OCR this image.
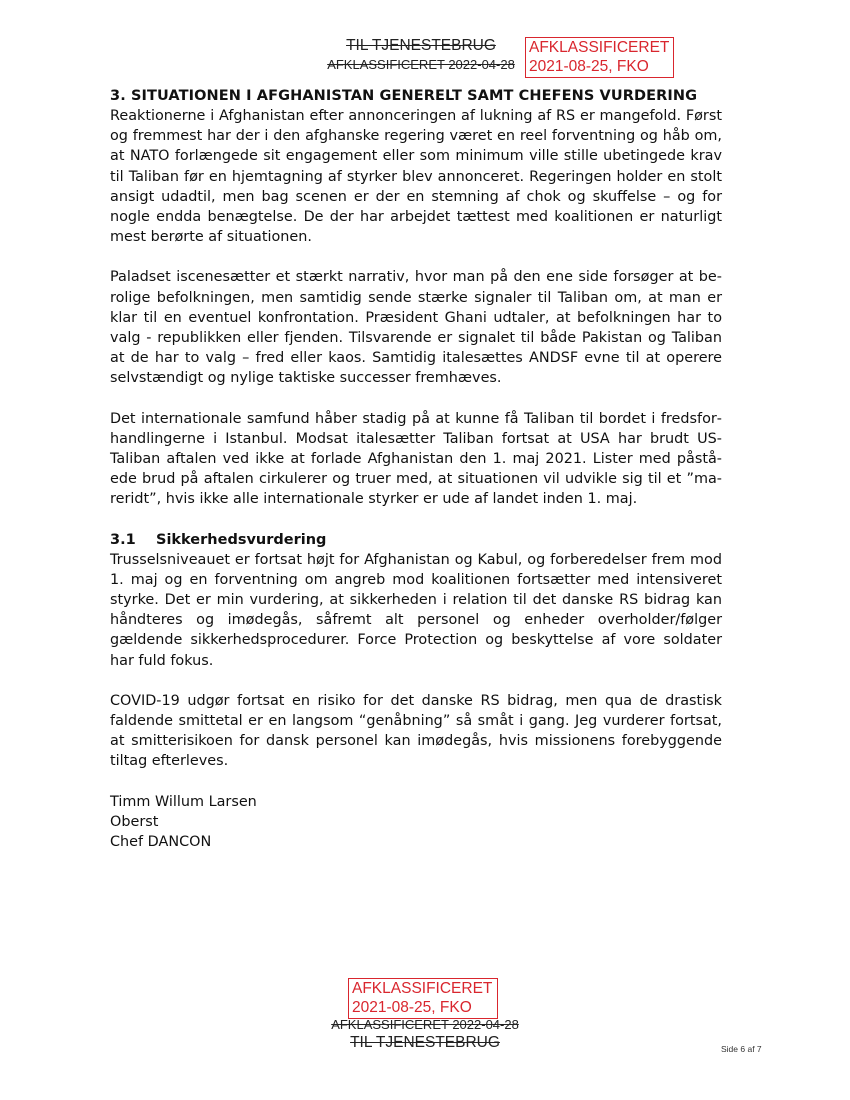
TIL TJENESTEBRUG
AFKLASSIFICERET 2022-04-28
AFKLASSIFICERET
2021-08-25, FKO
3. SITUATIONEN I AFGHANISTAN GENERELT SAMT CHEFENS VURDERING

Reaktionerne i Afghanistan efter annonceringen af lukning af RS er mangefold. Først og fremmest har der i den afghanske regering været en reel forventning og håb om, at NATO forlængede sit engagement eller som minimum ville stille ubetingede krav til Taliban før en hjemtagning af styrker blev annonceret. Regeringen holder en stolt ansigt udadtil, men bag scenen er der en stemning af chok og skuffelse – og for nogle endda benægtelse. De der har arbejdet tættest med koalitionen er naturligt mest berørte af situationen.

Paladset iscenesætter et stærkt narrativ, hvor man på den ene side forsøger at berolige befolkningen, men samtidig sende stærke signaler til Taliban om, at man er klar til en eventuel konfrontation. Præsident Ghani udtaler, at befolkningen har to valg - republikken eller fjenden. Tilsvarende er signalet til både Pakistan og Taliban at de har to valg – fred eller kaos. Samtidig italesættes ANDSF evne til at operere selvstændigt og nylige taktiske successer fremhæves.

Det internationale samfund håber stadig på at kunne få Taliban til bordet i fredsforhandlingerne i Istanbul. Modsat italesætter Taliban fortsat at USA har brudt US-Taliban aftalen ved ikke at forlade Afghanistan den 1. maj 2021. Lister med påståede brud på aftalen cirkulerer og truer med, at situationen vil udvikle sig til et ”mareridt”, hvis ikke alle internationale styrker er ude af landet inden 1. maj.

3.1 Sikkerhedsvurdering

Trusselsniveauet er fortsat højt for Afghanistan og Kabul, og forberedelser frem mod 1. maj og en forventning om angreb mod koalitionen fortsætter med intensiveret styrke. Det er min vurdering, at sikkerheden i relation til det danske RS bidrag kan håndteres og imødegås, såfremt alt personel og enheder overholder/følger gældende sikkerhedsprocedurer. Force Protection og beskyttelse af vore soldater har fuld fokus.

COVID-19 udgør fortsat en risiko for det danske RS bidrag, men qua de drastisk faldende smittetal er en langsom “genåbning” så småt i gang. Jeg vurderer fortsat, at smitterisikoen for dansk personel kan imødegås, hvis missionens forebyggende tiltag efterleves.

Timm Willum Larsen
Oberst
Chef DANCON
AFKLASSIFICERET
2021-08-25, FKO
AFKLASSIFICERET 2022-04-28
TIL TJENESTEBRUG	Side 6 af 7
